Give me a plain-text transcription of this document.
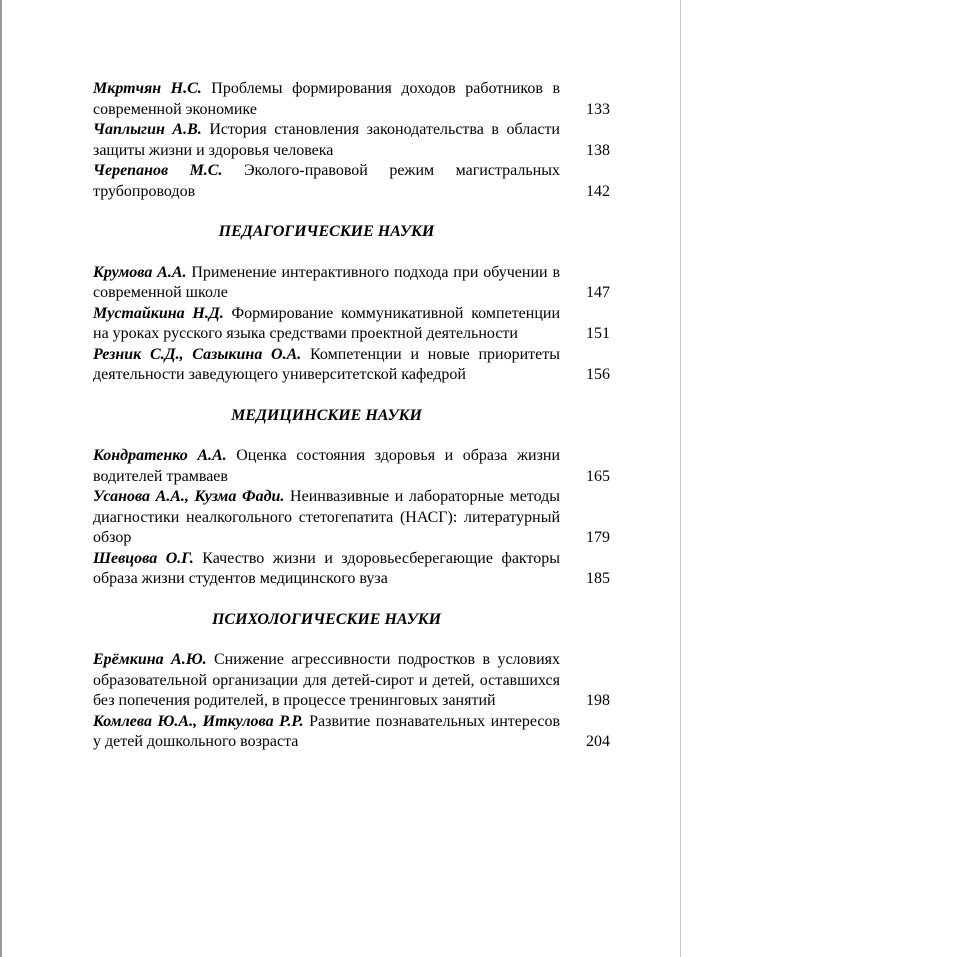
Мкртчян Н.С. Проблемы формирования доходов работников в современной экономике	133
Чаплыгин А.В. История становления законодательства в области защиты жизни и здоровья человека	138
Черепанов М.С. Эколого-правовой режим магистральных трубопроводов	142
ПЕДАГОГИЧЕСКИЕ НАУКИ
Крумова А.А. Применение интерактивного подхода при обучении в современной школе	147
Мустайкина Н.Д. Формирование коммуникативной компетенции на уроках русского языка средствами проектной деятельности	151
Резник С.Д., Сазыкина О.А. Компетенции и новые приоритеты деятельности заведующего университетской кафедрой	156
МЕДИЦИНСКИЕ НАУКИ
Кондратенко А.А. Оценка состояния здоровья и образа жизни водителей трамваев	165
Усанова А.А., Кузма Фади. Неинвазивные и лабораторные методы диагностики неалкогольного стетогепатита (НАСГ): литературный обзор	179
Шевцова О.Г. Качество жизни и здоровьесберегающие факторы образа жизни студентов медицинского вуза	185
ПСИХОЛОГИЧЕСКИЕ НАУКИ
Ерёмкина А.Ю. Снижение агрессивности подростков в условиях образовательной организации для детей-сирот и детей, оставшихся без попечения родителей, в процессе тренинговых занятий	198
Комлева Ю.А., Иткулова Р.Р. Развитие познавательных интересов у детей дошкольного возраста	204
